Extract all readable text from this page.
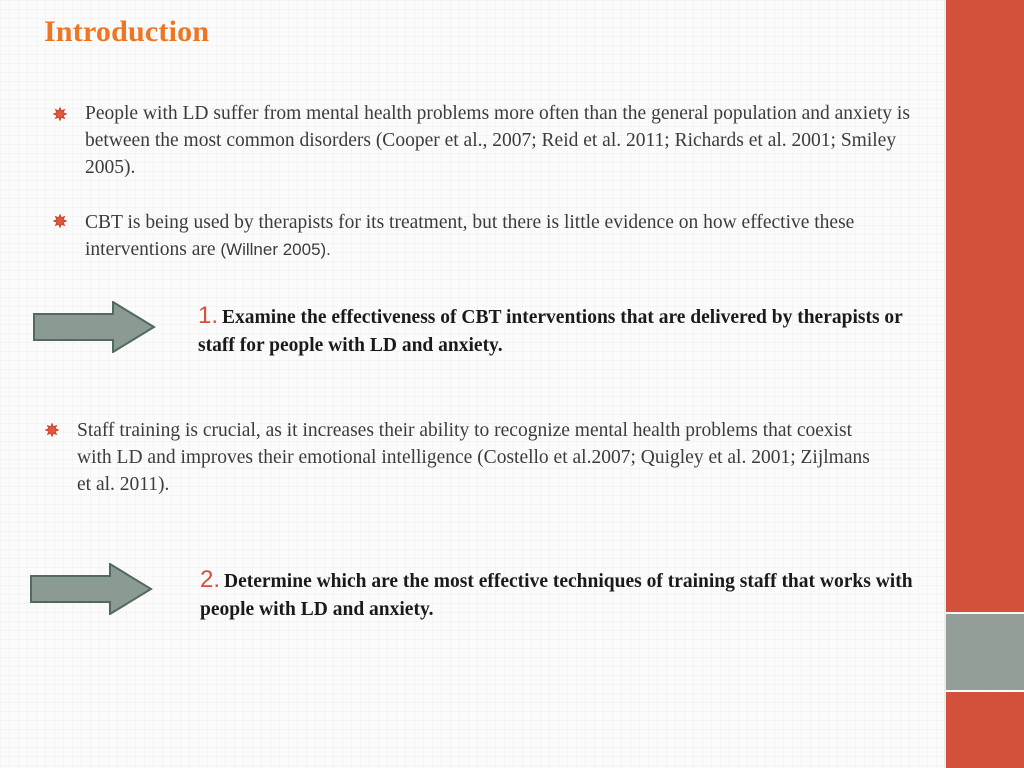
Introduction
People with LD suffer from mental health problems more often than the general population and anxiety is between the most common disorders (Cooper et al., 2007; Reid et al. 2011; Richards et al. 2001; Smiley 2005).
CBT is being used by therapists for its treatment, but there is little evidence on how effective these interventions are (Willner 2005).
1. Examine the effectiveness of CBT interventions that are delivered by therapists or staff for people with LD and anxiety.
Staff training is crucial, as it increases their ability to recognize mental health problems that coexist with LD and improves their emotional intelligence (Costello et al.2007; Quigley et al. 2001; Zijlmans et al. 2011).
2. Determine which are the most effective techniques of training staff that works with people with LD and anxiety.
